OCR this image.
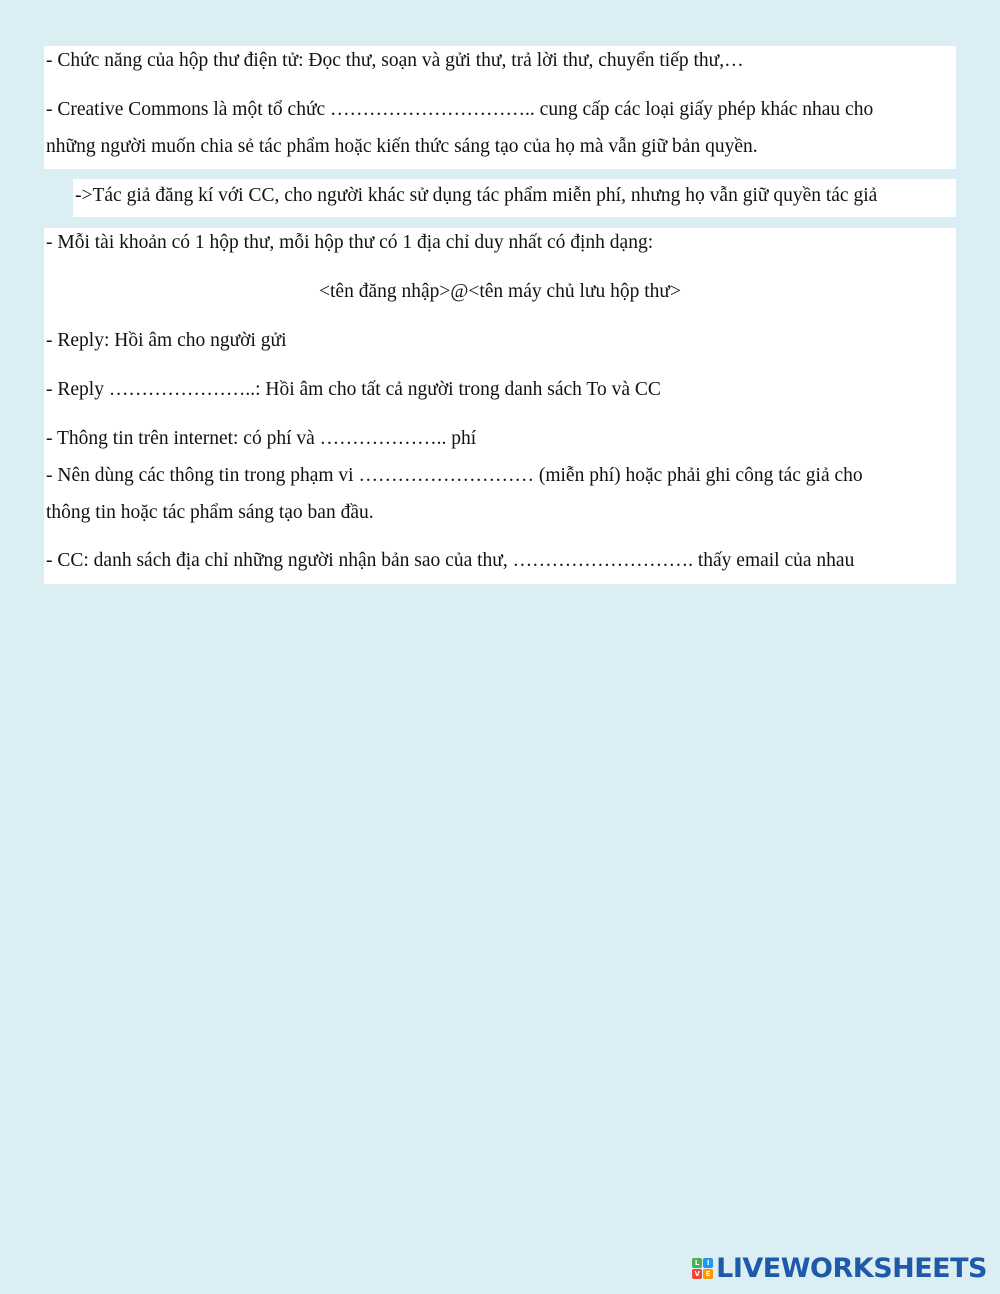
- Chức năng của hộp thư điện tử: Đọc thư, soạn và gửi thư, trả lời thư, chuyển tiếp thư,…
- Creative Commons là một tổ chức ………………………….. cung cấp các loại giấy phép khác nhau cho
những người muốn chia sẻ tác phẩm hoặc kiến thức sáng tạo của họ mà vẫn giữ bản quyền.
->Tác giả đăng kí với CC, cho người khác sử dụng tác phẩm miễn phí, nhưng họ vẫn giữ quyền tác giả
- Mỗi tài khoản có 1 hộp thư, mỗi hộp thư có 1 địa chỉ duy nhất có định dạng:
<tên đăng nhập>@<tên máy chủ lưu hộp thư>
- Reply: Hồi âm cho người gửi
- Reply …………………..: Hồi âm cho tất cả người trong danh sách To và CC
- Thông tin trên internet: có phí và ……………….. phí
- Nên dùng các thông tin trong phạm vi ……………………… (miễn phí) hoặc phải ghi công tác giả cho
thông tin hoặc tác phẩm sáng tạo ban đầu.
- CC: danh sách địa chỉ những người nhận bản sao của thư, ………………………. thấy email của nhau
L	I
V E LIVEWORKSHEETS
